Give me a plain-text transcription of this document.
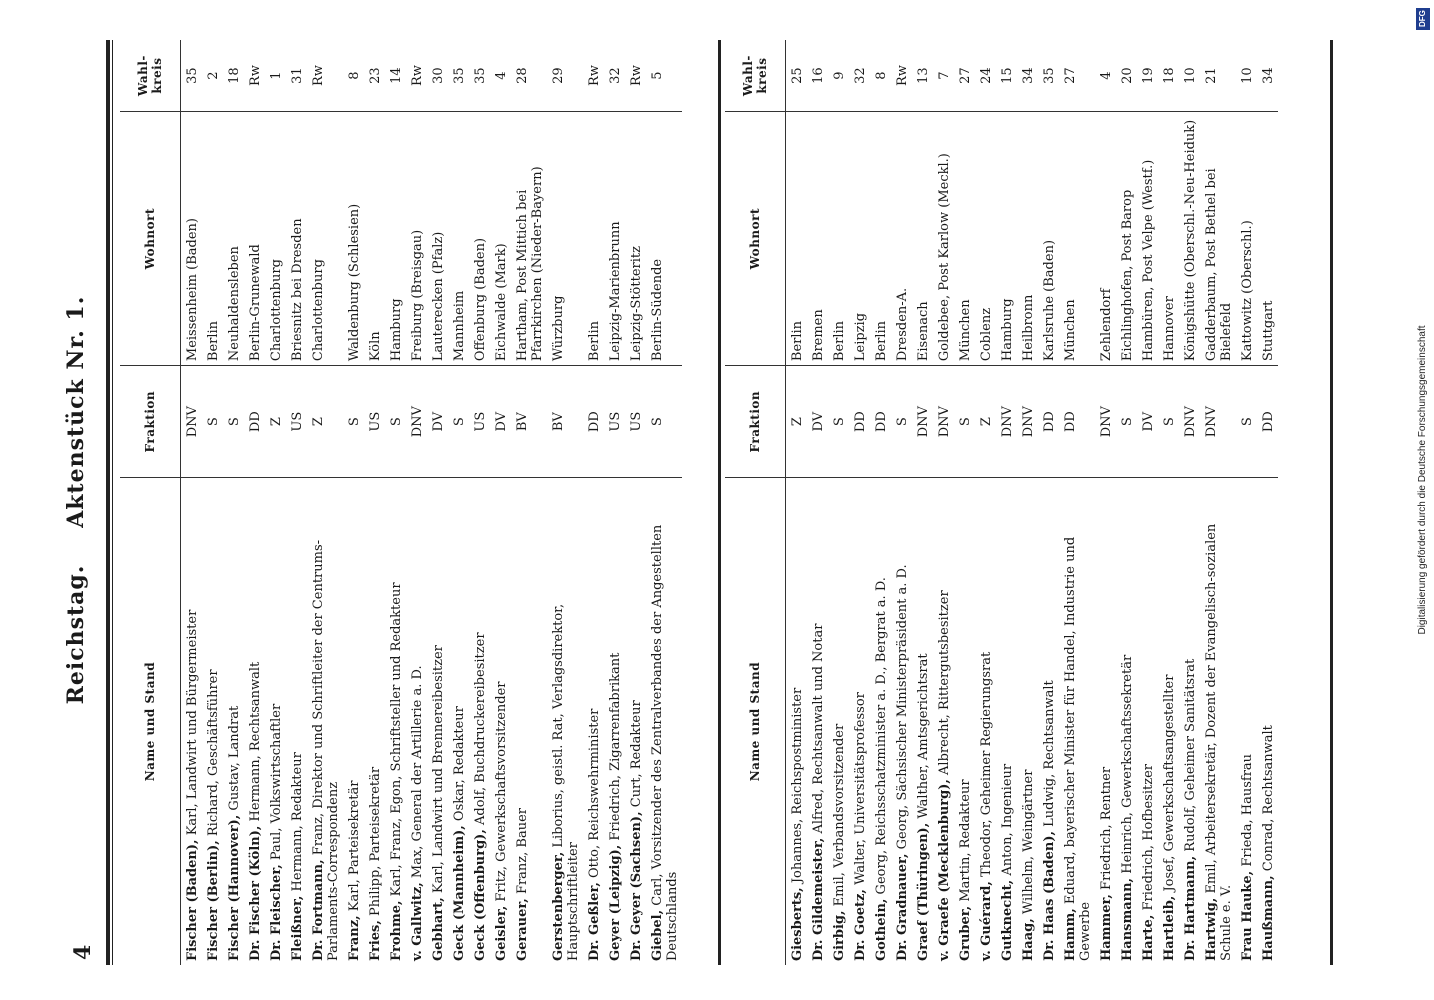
4
Reichstag. Aktenstück Nr. 1.
Name und Stand	Fraktion	Wohnort	Wahl-kreis
Fischer (Baden), Karl, Landwirt und Bürgermeister	DNV	Meissenheim (Baden)	35
Fischer (Berlin), Richard, Geschäftsführer	S	Berlin	2
Fischer (Hannover), Gustav, Landrat	S	Neuhaldensleben	18
Dr. Fischer (Köln), Hermann, Rechtsanwalt	DD	Berlin-Grunewald	Rw
Dr. Fleischer, Paul, Volkswirtschaftler	Z	Charlottenburg	1
Fleißner, Hermann, Redakteur	US	Briesnitz bei Dresden	31
Dr. Fortmann, Franz, Direktor und Schriftleiter der Centrums-Parlaments-Correspondenz	Z	Charlottenburg	Rw
Franz, Karl, Parteisekretär	S	Waldenburg (Schlesien)	8
Fries, Philipp, Parteisekretär	US	Köln	23
Frohme, Karl, Franz, Egon, Schriftsteller und Redakteur	S	Hamburg	14
v. Gallwitz, Max, General der Artillerie a. D.	DNV	Freiburg (Breisgau)	Rw
Gebhart, Karl, Landwirt und Brennereibesitzer	DV	Lauterecken (Pfalz)	30
Geck (Mannheim), Oskar, Redakteur	S	Mannheim	35
Geck (Offenburg), Adolf, Buchdruckereibesitzer	US	Offenburg (Baden)	35
Geisler, Fritz, Gewerkschaftsvorsitzender	DV	Eichwalde (Mark)	4
Gerauer, Franz, Bauer	BV	Hartham, Post Mittich bei Pfarrkirchen (Nieder-Bayern)	28
Gerstenberger, Liborius, geistl. Rat, Verlagsdirektor, Hauptschriftleiter	BV	Würzburg	29
Dr. Geßler, Otto, Reichswehrminister	DD	Berlin	Rw
Geyer (Leipzig), Friedrich, Zigarrenfabrikant	US	Leipzig-Marienbrunn	32
Dr. Geyer (Sachsen), Curt, Redakteur	US	Leipzig-Stötteritz	Rw
Giebel, Carl, Vorsitzender des Zentralverbandes der Angestellten Deutschlands	S	Berlin-Südende	5
Name und Stand	Fraktion	Wohnort	Wahl-kreis
Giesberts, Johannes, Reichspostminister	Z	Berlin	25
Dr. Gildemeister, Alfred, Rechtsanwalt und Notar	DV	Bremen	16
Girbig, Emil, Verbandsvorsitzender	S	Berlin	9
Dr. Goetz, Walter, Universitätsprofessor	DD	Leipzig	32
Gothein, Georg, Reichsschatzminister a. D., Bergrat a. D.	DD	Berlin	8
Dr. Gradnauer, Georg, Sächsischer Ministerpräsident a. D.	S	Dresden-A.	Rw
Graef (Thüringen), Walther, Amtsgerichtsrat	DNV	Eisenach	13
v. Graefe (Mecklenburg), Albrecht, Rittergutsbesitzer	DNV	Goldebee, Post Karlow (Meckl.)	7
Gruber, Martin, Redakteur	S	München	27
v. Guérard, Theodor, Geheimer Regierungsrat	Z	Coblenz	24
Gutknecht, Anton, Ingenieur	DNV	Hamburg	15
Haag, Wilhelm, Weingärtner	DNV	Heilbronn	34
Dr. Haas (Baden), Ludwig, Rechtsanwalt	DD	Karlsruhe (Baden)	35
Hamm, Eduard, bayerischer Minister für Handel, Industrie und Gewerbe	DD	München	27
Hammer, Friedrich, Rentner	DNV	Zehlendorf	4
Hansmann, Heinrich, Gewerkschaftssekretär	S	Eichlinghofen, Post Barop	20
Harte, Friedrich, Hofbesitzer	DV	Hambüren, Post Velpe (Westf.)	19
Hartleib, Josef, Gewerkschaftsangestellter	S	Hannover	18
Dr. Hartmann, Rudolf, Geheimer Sanitätsrat	DNV	Königshütte (Oberschl.-Neu-Heiduk)	10
Hartwig, Emil, Arbeitersekretär, Dozent der Evangelisch-sozialen Schule e. V.	DNV	Gadderbaum, Post Bethel bei Bielefeld	21
Frau Hauke, Frieda, Hausfrau	S	Kattowitz (Oberschl.)	10
Haußmann, Conrad, Rechtsanwalt	DD	Stuttgart	34
Digitalisierung gefördert durch die Deutsche Forschungsgemeinschaft
DFG
